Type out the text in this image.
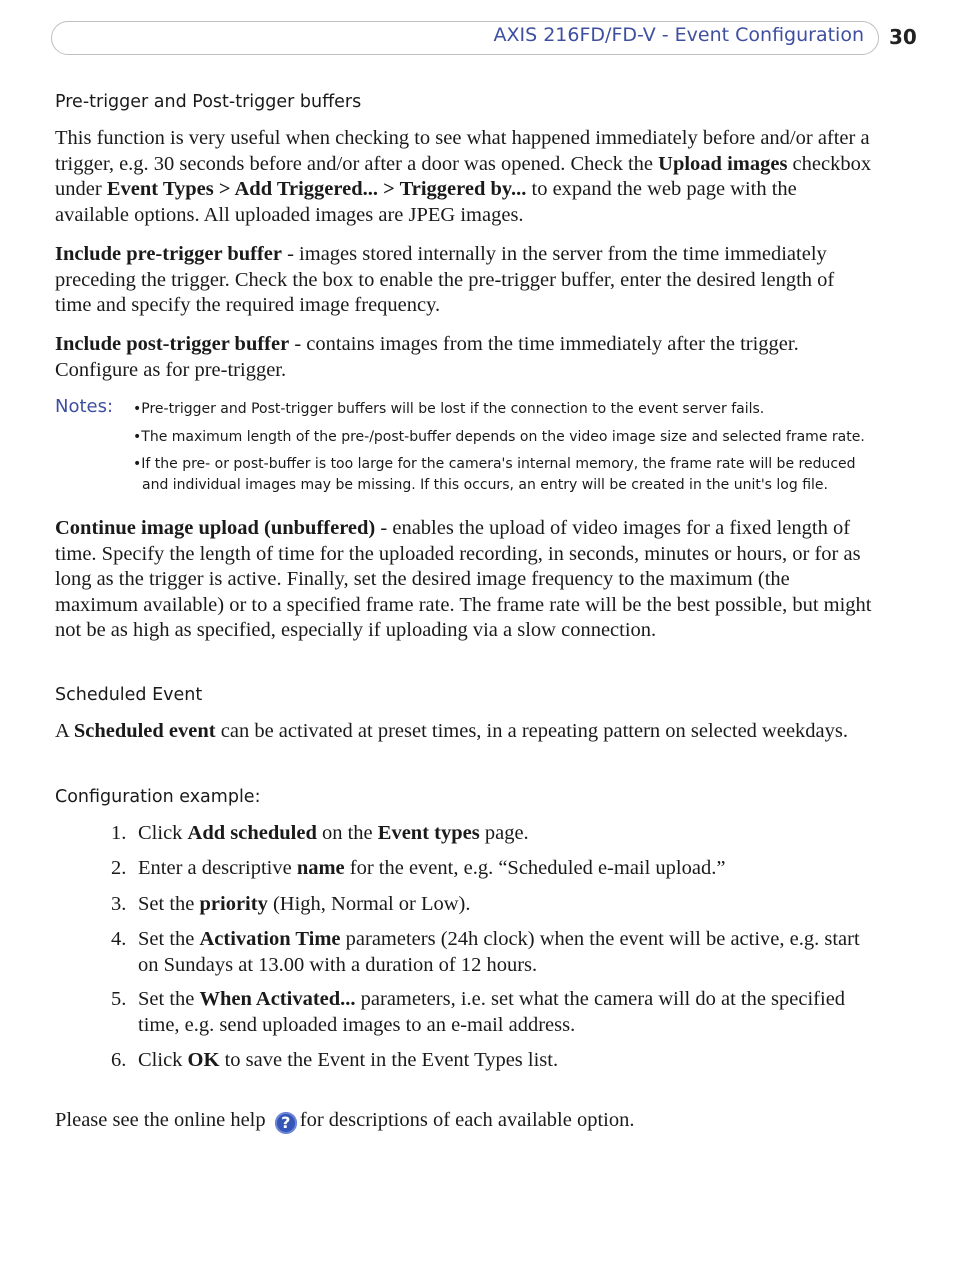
AXIS 216FD/FD-V - Event Configuration 30
Pre-trigger and Post-trigger buffers
This function is very useful when checking to see what happened immediately before and/or after a trigger, e.g. 30 seconds before and/or after a door was opened. Check the Upload images checkbox under Event Types > Add Triggered... > Triggered by... to expand the web page with the available options. All uploaded images are JPEG images.
Include pre-trigger buffer - images stored internally in the server from the time immediately preceding the trigger. Check the box to enable the pre-trigger buffer, enter the desired length of time and specify the required image frequency.
Include post-trigger buffer - contains images from the time immediately after the trigger. Configure as for pre-trigger.
Notes: •Pre-trigger and Post-trigger buffers will be lost if the connection to the event server fails.
•The maximum length of the pre-/post-buffer depends on the video image size and selected frame rate.
•If the pre- or post-buffer is too large for the camera's internal memory, the frame rate will be reduced and individual images may be missing. If this occurs, an entry will be created in the unit's log file.
Continue image upload (unbuffered) - enables the upload of video images for a fixed length of time. Specify the length of time for the uploaded recording, in seconds, minutes or hours, or for as long as the trigger is active. Finally, set the desired image frequency to the maximum (the maximum available) or to a specified frame rate. The frame rate will be the best possible, but might not be as high as specified, especially if uploading via a slow connection.
Scheduled Event
A Scheduled event can be activated at preset times, in a repeating pattern on selected weekdays.
Configuration example:
1. Click Add scheduled on the Event types page.
2. Enter a descriptive name for the event, e.g. “Scheduled e-mail upload.”
3. Set the priority (High, Normal or Low).
4. Set the Activation Time parameters (24h clock) when the event will be active, e.g. start on Sundays at 13.00 with a duration of 12 hours.
5. Set the When Activated... parameters, i.e. set what the camera will do at the specified time, e.g. send uploaded images to an e-mail address.
6. Click OK to save the Event in the Event Types list.
Please see the online help ? for descriptions of each available option.
